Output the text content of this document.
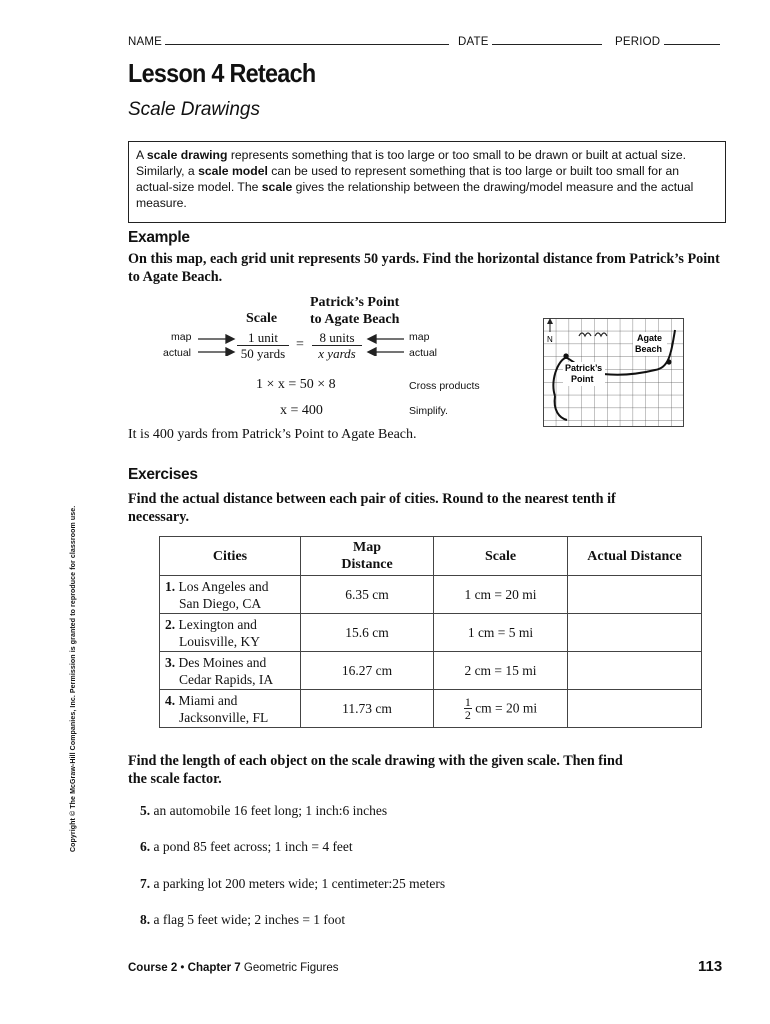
NAME	DATE	PERIOD
Lesson 4 Reteach
Scale Drawings
A scale drawing represents something that is too large or too small to be drawn or built at actual size. Similarly, a scale model can be used to represent something that is too large or built too small for an actual-size model. The scale gives the relationship between the drawing/model measure and the actual measure.
Example
On this map, each grid unit represents 50 yards. Find the horizontal distance from Patrick’s Point to Agate Beach.
Scale
Patrick’s Point
to Agate Beach
map
actual
1 unit
50 yards
=	8 units
x yards
map
actual
1 × x = 50 × 8	Cross products
x = 400	Simplify.
N	Agate
Beach
Patrick’s
Point
It is 400 yards from Patrick’s Point to Agate Beach.
Exercises
Find the actual distance between each pair of cities. Round to the nearest tenth if necessary.
Cities	Map Distance	Scale	Actual Distance
1. Los Angeles and
San Diego, CA	6.35 cm	1 cm = 20 mi	
2. Lexington and
Louisville, KY	15.6 cm	1 cm = 5 mi	
3. Des Moines and
Cedar Rapids, IA	16.27 cm	2 cm = 15 mi	
4. Miami and
Jacksonville, FL	11.73 cm	$\frac{1}{2}$ cm = 20 mi	
Find the length of each object on the scale drawing with the given scale. Then find the scale factor.
5. an automobile 16 feet long; 1 inch:6 inches
6. a pond 85 feet across; 1 inch = 4 feet
7. a parking lot 200 meters wide; 1 centimeter:25 meters
8. a flag 5 feet wide; 2 inches = 1 foot
Copyright © The McGraw-Hill Companies, Inc. Permission is granted to reproduce for classroom use.
Course 2 • Chapter 7 Geometric Figures	113
